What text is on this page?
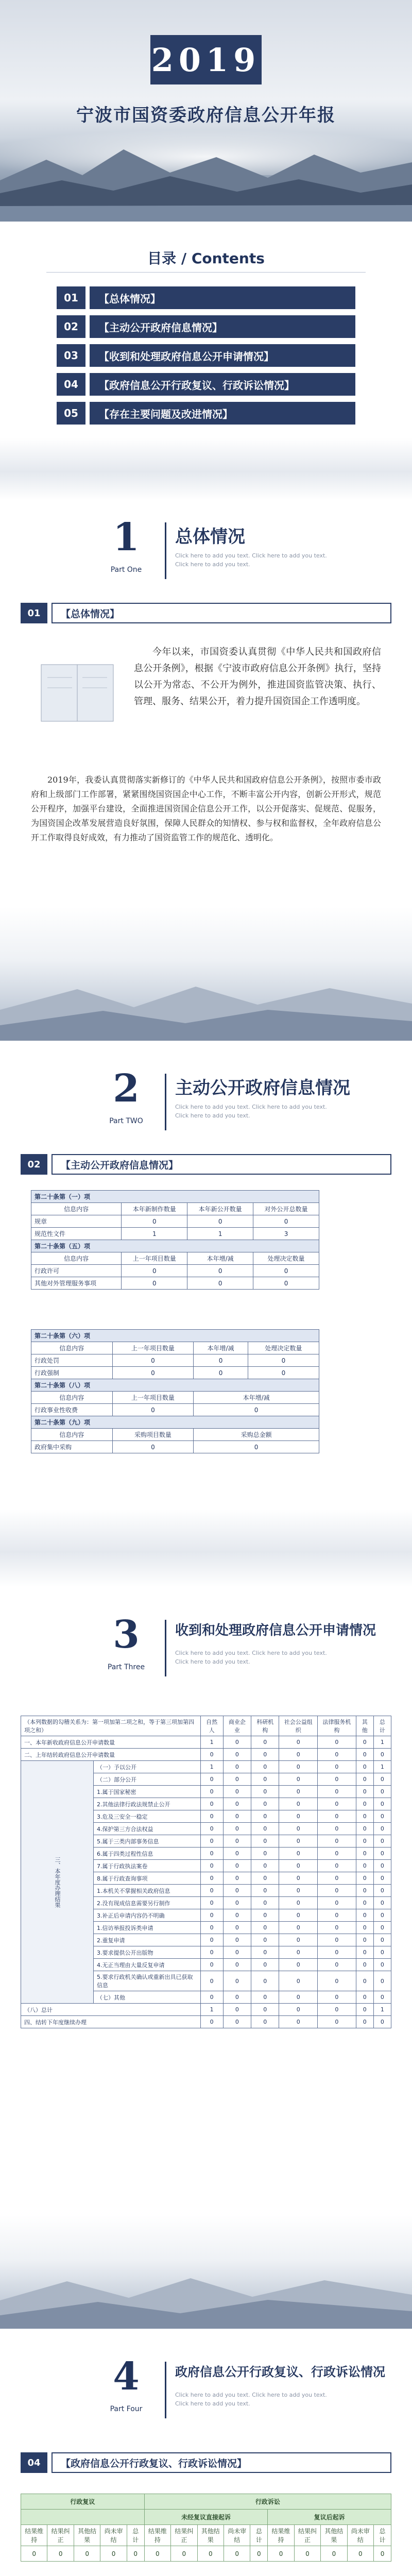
2019
宁波市国资委政府信息公开年报
目录 / Contents
01	【总体情况】
02	【主动公开政府信息情况】
03	【收到和处理政府信息公开申请情况】
04	【政府信息公开行政复议、行政诉讼情况】
05	【存在主要问题及改进情况】
1
Part One
总体情况
Click here to add you text. Click here to add you text. Click here to add you text.
01	【总体情况】
今年以来，市国资委认真贯彻《中华人民共和国政府信息公开条例》，根据《宁波市政府信息公开条例》执行，坚持以公开为常态、不公开为例外，推进国资监管决策、执行、管理、服务、结果公开，着力提升国资国企工作透明度。
2019年，我委认真贯彻落实新修订的《中华人民共和国政府信息公开条例》，按照市委市政府和上级部门工作部署，紧紧围绕国资国企中心工作，不断丰富公开内容，创新公开形式，规范公开程序，加强平台建设，全面推进国资国企信息公开工作，以公开促落实、促规范、促服务，为国资国企改革发展营造良好氛围，保障人民群众的知情权、参与权和监督权，全年政府信息公开工作取得良好成效，有力推动了国资监管工作的规范化、透明化。
2
Part TWO
主动公开政府信息情况
Click here to add you text. Click here to add you text. Click here to add you text.
02	【主动公开政府信息情况】
第二十条第（一）项			
信息内容	本年新制作数量	本年新公开数量	对外公开总数量
规章	0	0	0
规范性文件	1	1	3
第二十条第（五）项			
信息内容	上一年项目数量	本年增/减	处理决定数量
行政许可	0	0	0
其他对外管理服务事项	0	0	0
第二十条第（六）项			
信息内容	上一年项目数量	本年增/减	处理决定数量
行政处罚	0	0	0
行政强制	0	0	0
第二十条第（八）项			
信息内容	上一年项目数量	本年增/减	
行政事业性收费	0	0	
第二十条第（九）项			
信息内容	采购项目数量	采购总金额	
政府集中采购	0	0	
3
Part Three
收到和处理政府信息公开申请情况
Click here to add you text. Click here to add you text. Click here to add you text.
（本列数据的勾稽关系为：第一项加第二项之和，等于第三项加第四项之和）		自然人	商业企业	科研机构	社会公益组织	法律服务机构	其他	总计
一、本年新收政府信息公开申请数量		1	0	0	0	0	0	1
二、上年结转政府信息公开申请数量		0	0	0	0	0	0	0
三、本年度办理结果	（一）予以公开	1	0	0	0	0	0	1
	（二）部分公开	0	0	0	0	0	0	0
	1.属于国家秘密	0	0	0	0	0	0	0
	2.其他法律行政法规禁止公开	0	0	0	0	0	0	0
	3.危及三安全一稳定	0	0	0	0	0	0	0
	4.保护第三方合法权益	0	0	0	0	0	0	0
	5.属于三类内部事务信息	0	0	0	0	0	0	0
	6.属于四类过程性信息	0	0	0	0	0	0	0
	7.属于行政执法案卷	0	0	0	0	0	0	0
	8.属于行政查询事项	0	0	0	0	0	0	0
	1.本机关不掌握相关政府信息	0	0	0	0	0	0	0
	2.没有现成信息需要另行制作	0	0	0	0	0	0	0
	3.补正后申请内容仍不明确	0	0	0	0	0	0	0
	1.信访举报投诉类申请	0	0	0	0	0	0	0
	2.重复申请	0	0	0	0	0	0	0
	3.要求提供公开出版物	0	0	0	0	0	0	0
	4.无正当理由大量反复申请	0	0	0	0	0	0	0
	5.要求行政机关确认或重新出具已获取信息	0	0	0	0	0	0	0
	（七）其他	0	0	0	0	0	0	0
（八）总计		1	0	0	0	0	0	1
四、结转下年度继续办理		0	0	0	0	0	0	0
4
Part Four
政府信息公开行政复议、行政诉讼情况
Click here to add you text. Click here to add you text. Click here to add you text.
04	【政府信息公开行政复议、行政诉讼情况】
行政复议					行政诉讼									
					未经复议直接起诉					复议后起诉				
结果维持	结果纠正	其他结果	尚未审结	总计	结果维持	结果纠正	其他结果	尚未审结	总计	结果维持	结果纠正	其他结果	尚未审结	总计
0	0	0	0	0	0	0	0	0	0	0	0	0	0	0
